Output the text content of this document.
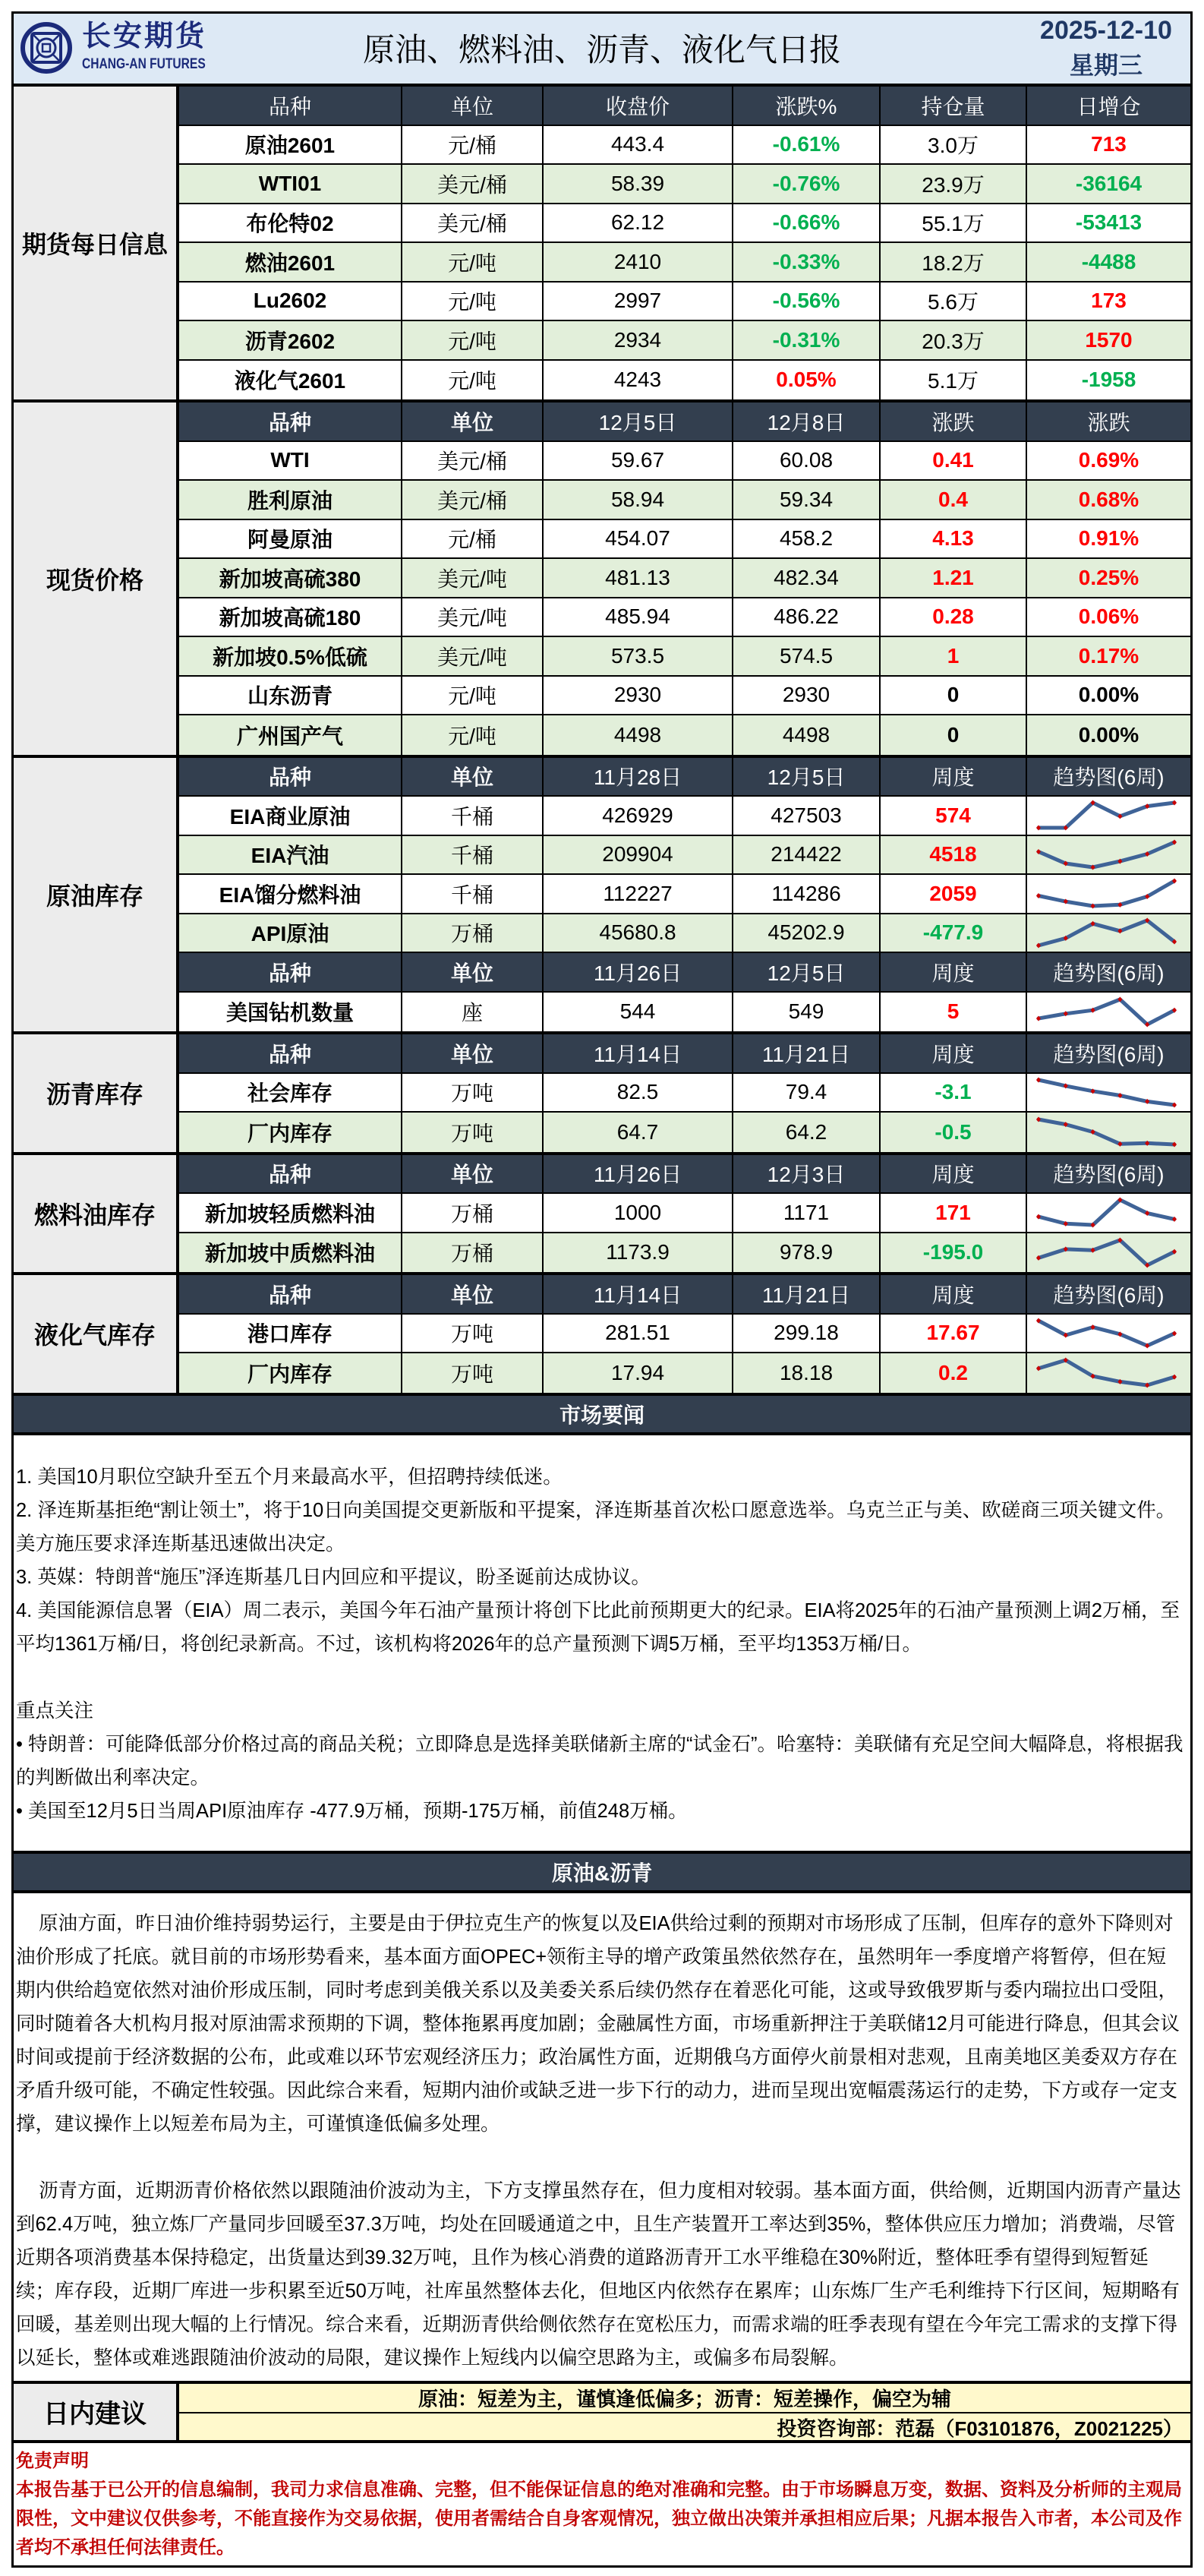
长安期货
CHANG-AN FUTURES	原油、燃料油、沥青、液化气日报
2025-12-10
星期三
期货每日信息
品种	单位	收盘价	涨跌%	持仓量	日增仓
原油2601	元/桶	443.4	-0.61%	3.0万	713
WTI01	美元/桶	58.39	-0.76%	23.9万	-36164
布伦特02	美元/桶	62.12	-0.66%	55.1万	-53413
燃油2601	元/吨	2410	-0.33%	18.2万	-4488
Lu2602	元/吨	2997	-0.56%	5.6万	173
沥青2602	元/吨	2934	-0.31%	20.3万	1570
液化气2601	元/吨	4243	0.05%	5.1万	-1958
现货价格
品种	单位	12月5日	12月8日	涨跌	涨跌
WTI	美元/桶	59.67	60.08	0.41	0.69%
胜利原油	美元/桶	58.94	59.34	0.4	0.68%
阿曼原油	元/桶	454.07	458.2	4.13	0.91%
新加坡高硫380	美元/吨	481.13	482.34	1.21	0.25%
新加坡高硫180	美元/吨	485.94	486.22	0.28	0.06%
新加坡0.5%低硫	美元/吨	573.5	574.5	1	0.17%
山东沥青	元/吨	2930	2930	0	0.00%
广州国产气	元/吨	4498	4498	0	0.00%
原油库存
品种	单位	11月28日	12月5日	周度	趋势图(6周)
EIA商业原油	千桶	426929	427503	574
EIA汽油	千桶	209904	214422	4518
EIA馏分燃料油	千桶	112227	114286	2059
API原油	万桶	45680.8	45202.9	-477.9
品种	单位	11月26日	12月5日	周度	趋势图(6周)
美国钻机数量	座	544	549	5
沥青库存
品种	单位	11月14日	11月21日	周度	趋势图(6周)
社会库存	万吨	82.5	79.4	-3.1
厂内库存	万吨	64.7	64.2	-0.5
燃料油库存
品种	单位	11月26日	12月3日	周度	趋势图(6周)
新加坡轻质燃料油	万桶	1000	1171	171
新加坡中质燃料油	万桶	1173.9	978.9	-195.0
液化气库存
品种	单位	11月14日	11月21日	周度	趋势图(6周)
港口库存	万吨	281.51	299.18	17.67
厂内库存	万吨	17.94	18.18	0.2
市场要闻
1. 美国10月职位空缺升至五个月来最高水平，但招聘持续低迷。
2. 泽连斯基拒绝“割让领土”，将于10日向美国提交更新版和平提案，泽连斯基首次松口愿意选举。乌克兰正与美、欧磋商三项关键文件。美方施压要求泽连斯基迅速做出决定。
3. 英媒：特朗普“施压”泽连斯基几日内回应和平提议，盼圣诞前达成协议。
4. 美国能源信息署（EIA）周二表示，美国今年石油产量预计将创下比此前预期更大的纪录。EIA将2025年的石油产量预测上调2万桶，至平均1361万桶/日，将创纪录新高。不过，该机构将2026年的总产量预测下调5万桶，至平均1353万桶/日。
重点关注
• 特朗普：可能降低部分价格过高的商品关税；立即降息是选择美联储新主席的“试金石”。哈塞特：美联储有充足空间大幅降息，将根据我的判断做出利率决定。
• 美国至12月5日当周API原油库存 -477.9万桶，预期-175万桶，前值248万桶。
原油&沥青

原油方面，昨日油价维持弱势运行，主要是由于伊拉克生产的恢复以及EIA供给过剩的预期对市场形成了压制，但库存的意外下降则对油价形成了托底。就目前的市场形势看来，基本面方面OPEC+领衔主导的增产政策虽然依然存在，虽然明年一季度增产将暂停，但在短期内供给趋宽依然对油价形成压制，同时考虑到美俄关系以及美委关系后续仍然存在着恶化可能，这或导致俄罗斯与委内瑞拉出口受阻，同时随着各大机构月报对原油需求预期的下调，整体拖累再度加剧；金融属性方面，市场重新押注于美联储12月可能进行降息，但其会议时间或提前于经济数据的公布，此或难以环节宏观经济压力；政治属性方面，近期俄乌方面停火前景相对悲观，且南美地区美委双方存在矛盾升级可能，不确定性较强。因此综合来看，短期内油价或缺乏进一步下行的动力，进而呈现出宽幅震荡运行的走势，下方或存一定支撑，建议操作上以短差布局为主，可谨慎逢低偏多处理。

沥青方面，近期沥青价格依然以跟随油价波动为主，下方支撑虽然存在，但力度相对较弱。基本面方面，供给侧，近期国内沥青产量达到62.4万吨，独立炼厂产量同步回暖至37.3万吨，均处在回暖通道之中，且生产装置开工率达到35%，整体供应压力增加；消费端，尽管近期各项消费基本保持稳定，出货量达到39.32万吨，且作为核心消费的道路沥青开工水平维稳在30%附近，整体旺季有望得到短暂延续；库存段，近期厂库进一步积累至近50万吨，社库虽然整体去化，但地区内依然存在累库；山东炼厂生产毛利维持下行区间，短期略有回暖，基差则出现大幅的上行情况。综合来看，近期沥青供给侧依然存在宽松压力，而需求端的旺季表现有望在今年完工需求的支撑下得以延长，整体或难逃跟随油价波动的局限，建议操作上短线内以偏空思路为主，或偏多布局裂解。

日内建议
原油：短差为主，谨慎逢低偏多；沥青：短差操作，偏空为辅
投资咨询部：范磊（F03101876，Z0021225）
免责声明
本报告基于已公开的信息编制，我司力求信息准确、完整，但不能保证信息的绝对准确和完整。由于市场瞬息万变，数据、资料及分析师的主观局限性，文中建议仅供参考，不能直接作为交易依据，使用者需结合自身客观情况，独立做出决策并承担相应后果；凡据本报告入市者，本公司及作者均不承担任何法律责任。
